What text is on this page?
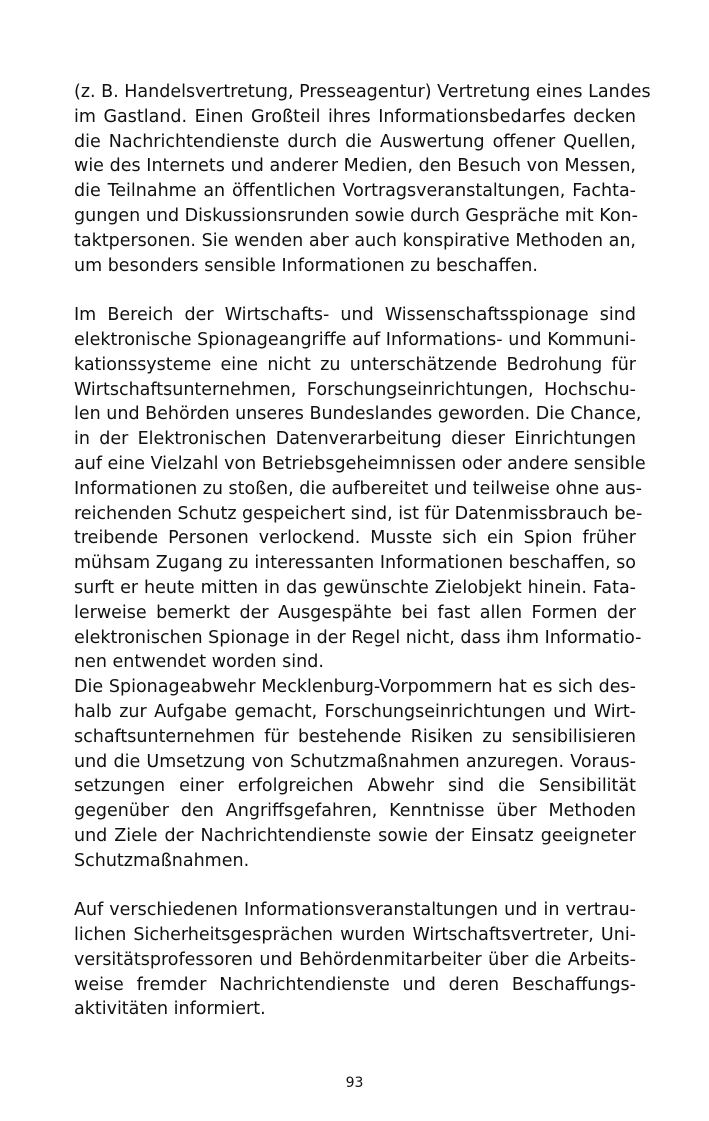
(z. B. Handelsvertretung, Presseagentur) Vertretung eines Landes
im Gastland. Einen Großteil ihres Informationsbedarfes decken
die Nachrichtendienste durch die Auswertung offener Quellen,
wie des Internets und anderer Medien, den Besuch von Messen,
die Teilnahme an öffentlichen Vortragsveranstaltungen, Fachta-
gungen und Diskussionsrunden sowie durch Gespräche mit Kon-
taktpersonen. Sie wenden aber auch konspirative Methoden an,
um besonders sensible Informationen zu beschaffen.
Im Bereich der Wirtschafts- und Wissenschaftsspionage sind
elektronische Spionageangriffe auf Informations- und Kommuni-
kationssysteme eine nicht zu unterschätzende Bedrohung für
Wirtschaftsunternehmen, Forschungseinrichtungen, Hochschu-
len und Behörden unseres Bundeslandes geworden. Die Chance,
in der Elektronischen Datenverarbeitung dieser Einrichtungen
auf eine Vielzahl von Betriebsgeheimnissen oder andere sensible
Informationen zu stoßen, die aufbereitet und teilweise ohne aus-
reichenden Schutz gespeichert sind, ist für Datenmissbrauch be-
treibende Personen verlockend. Musste sich ein Spion früher
mühsam Zugang zu interessanten Informationen beschaffen, so
surft er heute mitten in das gewünschte Zielobjekt hinein. Fata-
lerweise bemerkt der Ausgespähte bei fast allen Formen der
elektronischen Spionage in der Regel nicht, dass ihm Informatio-
nen entwendet worden sind.
Die Spionageabwehr Mecklenburg-Vorpommern hat es sich des-
halb zur Aufgabe gemacht, Forschungseinrichtungen und Wirt-
schaftsunternehmen für bestehende Risiken zu sensibilisieren
und die Umsetzung von Schutzmaßnahmen anzuregen. Voraus-
setzungen einer erfolgreichen Abwehr sind die Sensibilität
gegenüber den Angriffsgefahren, Kenntnisse über Methoden
und Ziele der Nachrichtendienste sowie der Einsatz geeigneter
Schutzmaßnahmen.
Auf verschiedenen Informationsveranstaltungen und in vertrau-
lichen Sicherheitsgesprächen wurden Wirtschaftsvertreter, Uni-
versitätsprofessoren und Behördenmitarbeiter über die Arbeits-
weise fremder Nachrichtendienste und deren Beschaffungs-
aktivitäten informiert.
93
